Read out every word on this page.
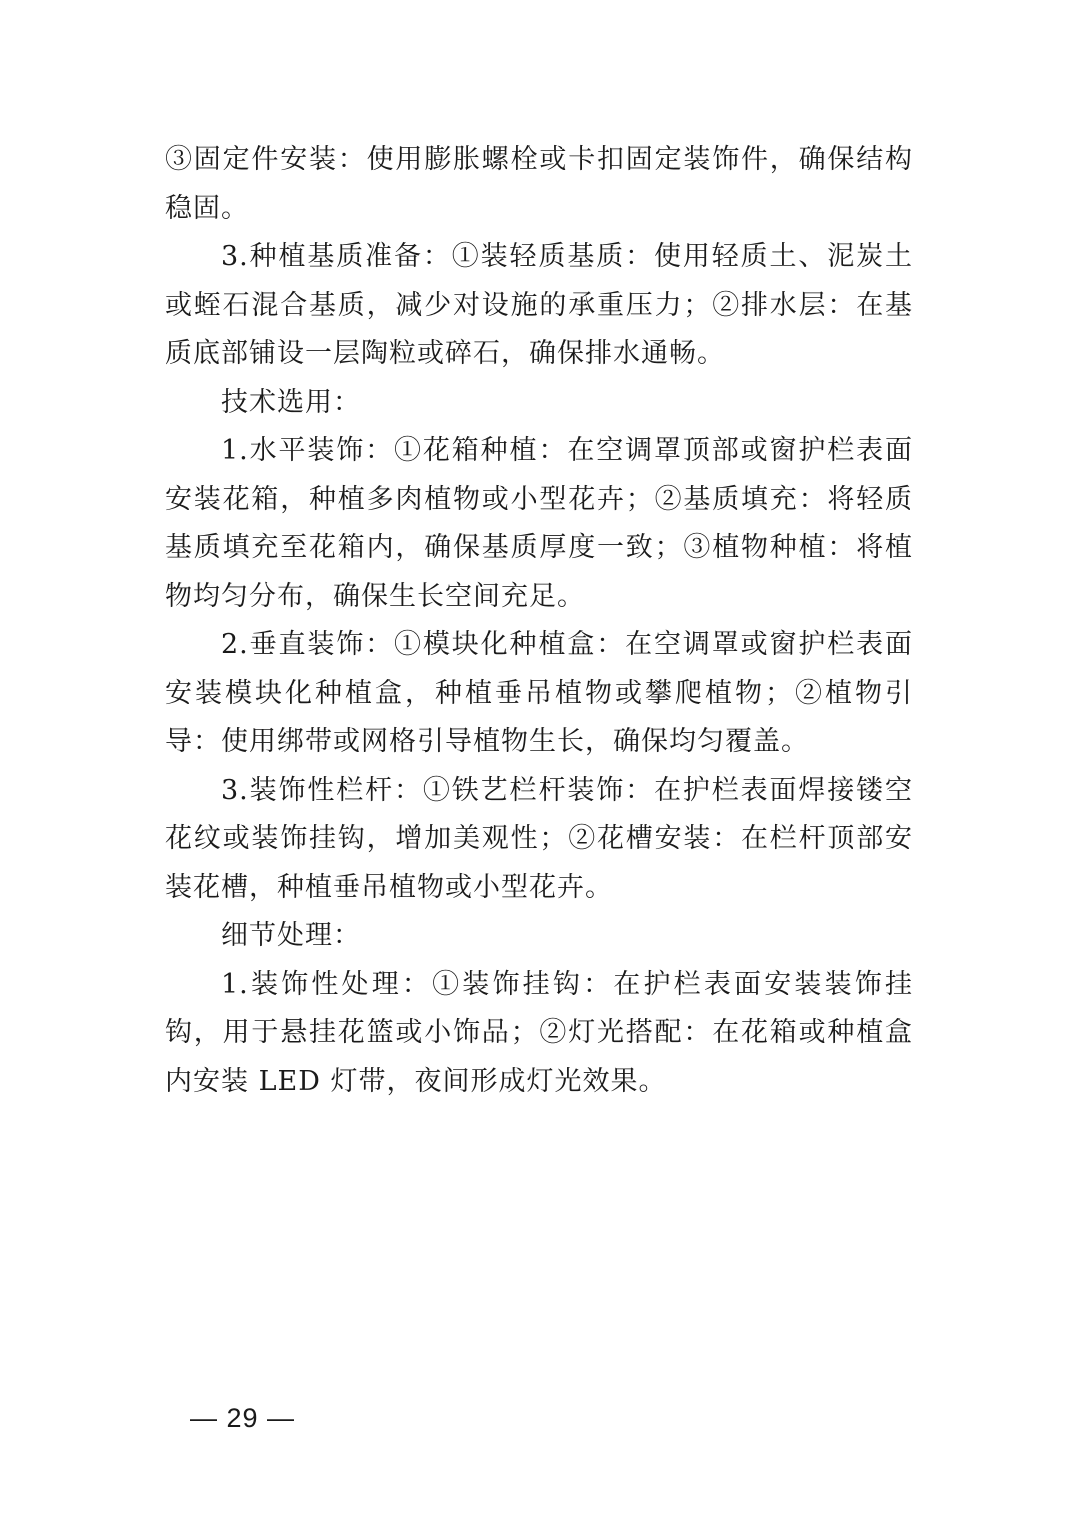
③固定件安装：使用膨胀螺栓或卡扣固定装饰件，确保结构稳固。

3.种植基质准备：①装轻质基质：使用轻质土、泥炭土或蛭石混合基质，减少对设施的承重压力；②排水层：在基质底部铺设一层陶粒或碎石，确保排水通畅。

技术选用：

1.水平装饰：①花箱种植：在空调罩顶部或窗护栏表面安装花箱，种植多肉植物或小型花卉；②基质填充：将轻质基质填充至花箱内，确保基质厚度一致；③植物种植：将植物均匀分布，确保生长空间充足。

2.垂直装饰：①模块化种植盒：在空调罩或窗护栏表面安装模块化种植盒，种植垂吊植物或攀爬植物；②植物引导：使用绑带或网格引导植物生长，确保均匀覆盖。

3.装饰性栏杆：①铁艺栏杆装饰：在护栏表面焊接镂空花纹或装饰挂钩，增加美观性；②花槽安装：在栏杆顶部安装花槽，种植垂吊植物或小型花卉。

细节处理：

1.装饰性处理：①装饰挂钩：在护栏表面安装装饰挂钩，用于悬挂花篮或小饰品；②灯光搭配：在花箱或种植盒内安装 LED 灯带，夜间形成灯光效果。

— 29 —
